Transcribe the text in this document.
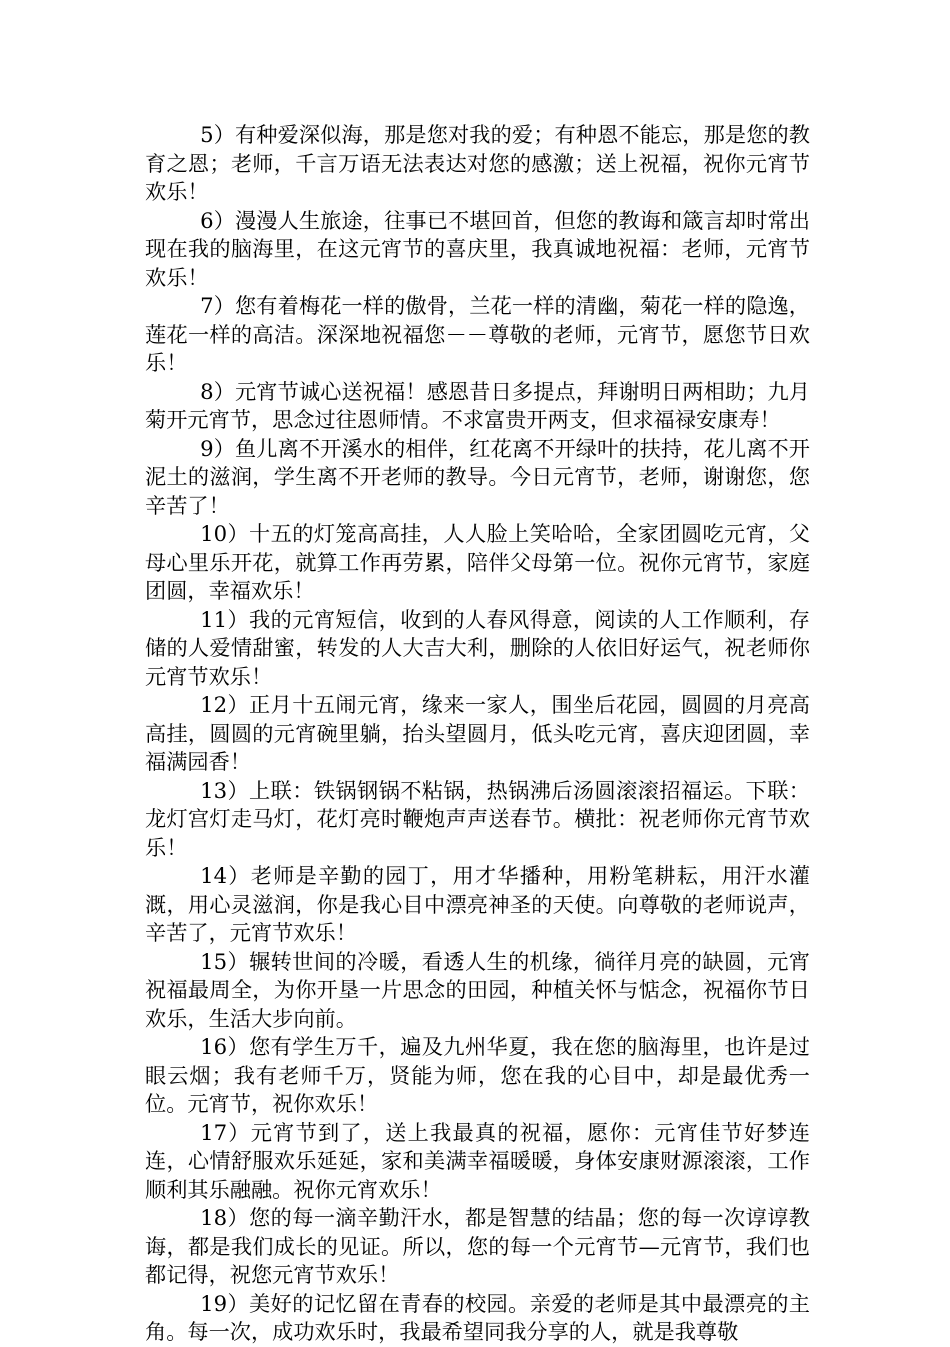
5）有种爱深似海，那是您对我的爱；有种恩不能忘，那是您的教育之恩；老师，千言万语无法表达对您的感激；送上祝福，祝你元宵节欢乐！

6）漫漫人生旅途，往事已不堪回首，但您的教诲和箴言却时常出现在我的脑海里，在这元宵节的喜庆里，我真诚地祝福：老师，元宵节欢乐！

7）您有着梅花一样的傲骨，兰花一样的清幽，菊花一样的隐逸，莲花一样的高洁。深深地祝福您－－尊敬的老师，元宵节，愿您节日欢乐！

8）元宵节诚心送祝福！感恩昔日多提点，拜谢明日两相助；九月菊开元宵节，思念过往恩师情。不求富贵开两支，但求福禄安康寿！

9）鱼儿离不开溪水的相伴，红花离不开绿叶的扶持，花儿离不开泥土的滋润，学生离不开老师的教导。今日元宵节，老师，谢谢您，您辛苦了！

10）十五的灯笼高高挂，人人脸上笑哈哈，全家团圆吃元宵，父母心里乐开花，就算工作再劳累，陪伴父母第一位。祝你元宵节，家庭团圆，幸福欢乐！

11）我的元宵短信，收到的人春风得意，阅读的人工作顺利，存储的人爱情甜蜜，转发的人大吉大利，删除的人依旧好运气，祝老师你元宵节欢乐！

12）正月十五闹元宵，缘来一家人，围坐后花园，圆圆的月亮高高挂，圆圆的元宵碗里躺，抬头望圆月，低头吃元宵，喜庆迎团圆，幸福满园香！

13）上联：铁锅钢锅不粘锅，热锅沸后汤圆滚滚招福运。下联：龙灯宫灯走马灯，花灯亮时鞭炮声声送春节。横批：祝老师你元宵节欢乐！

14）老师是辛勤的园丁，用才华播种，用粉笔耕耘，用汗水灌溉，用心灵滋润，你是我心目中漂亮神圣的天使。向尊敬的老师说声，辛苦了，元宵节欢乐！

15）辗转世间的冷暖，看透人生的机缘，徜徉月亮的缺圆，元宵祝福最周全，为你开垦一片思念的田园，种植关怀与惦念，祝福你节日欢乐，生活大步向前。

16）您有学生万千，遍及九州华夏，我在您的脑海里，也许是过眼云烟；我有老师千万，贤能为师，您在我的心目中，却是最优秀一位。元宵节，祝你欢乐！

17）元宵节到了，送上我最真的祝福，愿你：元宵佳节好梦连连，心情舒服欢乐延延，家和美满幸福暖暖，身体安康财源滚滚，工作顺利其乐融融。祝你元宵欢乐！

18）您的每一滴辛勤汗水，都是智慧的结晶；您的每一次谆谆教诲，都是我们成长的见证。所以，您的每一个元宵节—元宵节，我们也都记得，祝您元宵节欢乐！

19）美好的记忆留在青春的校园。亲爱的老师是其中最漂亮的主角。每一次，成功欢乐时，我最希望同我分享的人，就是我尊敬
